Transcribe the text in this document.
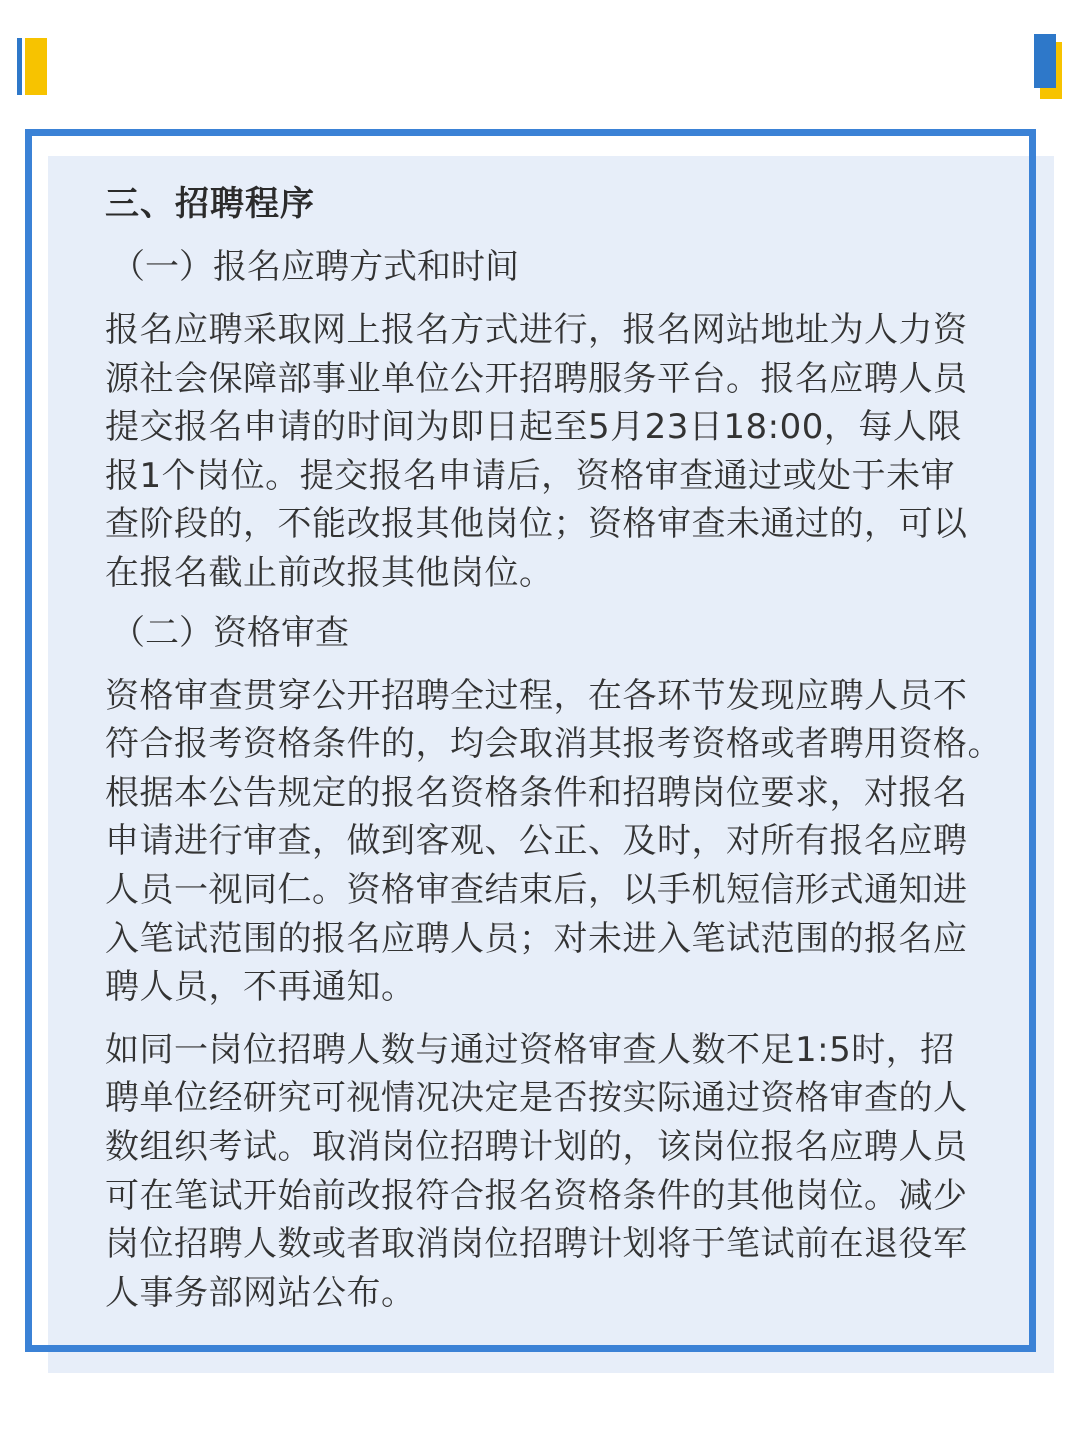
三、招聘程序

（一）报名应聘方式和时间

报名应聘采取网上报名方式进行，报名网站地址为人力资
源社会保障部事业单位公开招聘服务平台。报名应聘人员
提交报名申请的时间为即日起至5月23日18:00，每人限
报1个岗位。提交报名申请后，资格审查通过或处于未审
查阶段的，不能改报其他岗位；资格审查未通过的，可以
在报名截止前改报其他岗位。

（二）资格审查

资格审查贯穿公开招聘全过程，在各环节发现应聘人员不
符合报考资格条件的，均会取消其报考资格或者聘用资格。
根据本公告规定的报名资格条件和招聘岗位要求，对报名
申请进行审查，做到客观、公正、及时，对所有报名应聘
人员一视同仁。资格审查结束后，以手机短信形式通知进
入笔试范围的报名应聘人员；对未进入笔试范围的报名应
聘人员，不再通知。

如同一岗位招聘人数与通过资格审查人数不足1:5时，招
聘单位经研究可视情况决定是否按实际通过资格审查的人
数组织考试。取消岗位招聘计划的，该岗位报名应聘人员
可在笔试开始前改报符合报名资格条件的其他岗位。减少
岗位招聘人数或者取消岗位招聘计划将于笔试前在退役军
人事务部网站公布。
